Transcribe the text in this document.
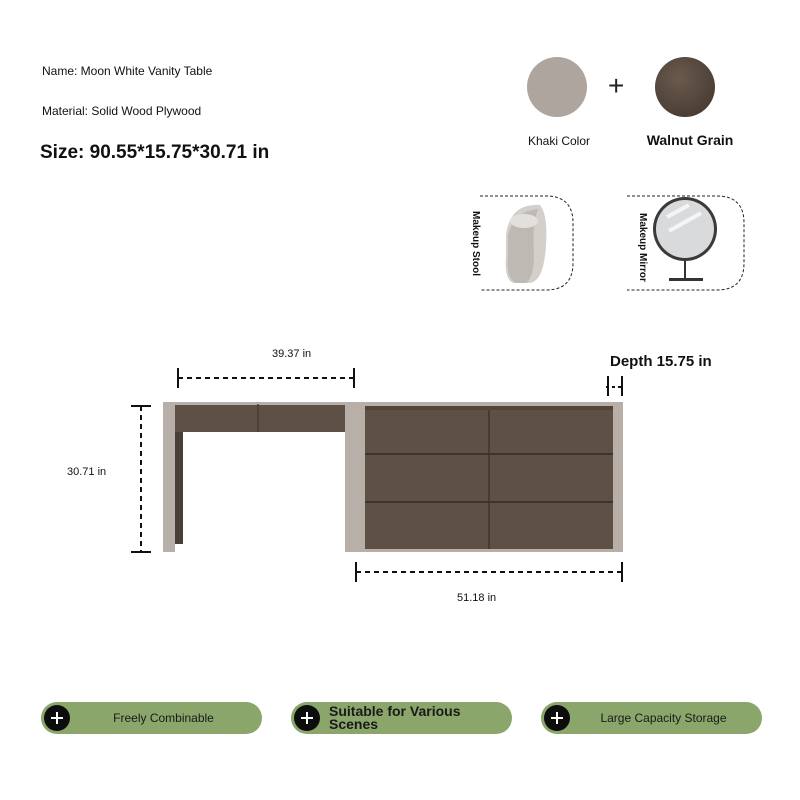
Name: Moon White Vanity Table
Material: Solid Wood Plywood
Size: 90.55*15.75*30.71 in
+
Khaki Color	Walnut Grain
Makeup Stool	Makeup Mirror
39.37 in	Depth 15.75 in
30.71 in
51.18 in
Freely Combinable	Suitable for Various Scenes	Large Capacity Storage
